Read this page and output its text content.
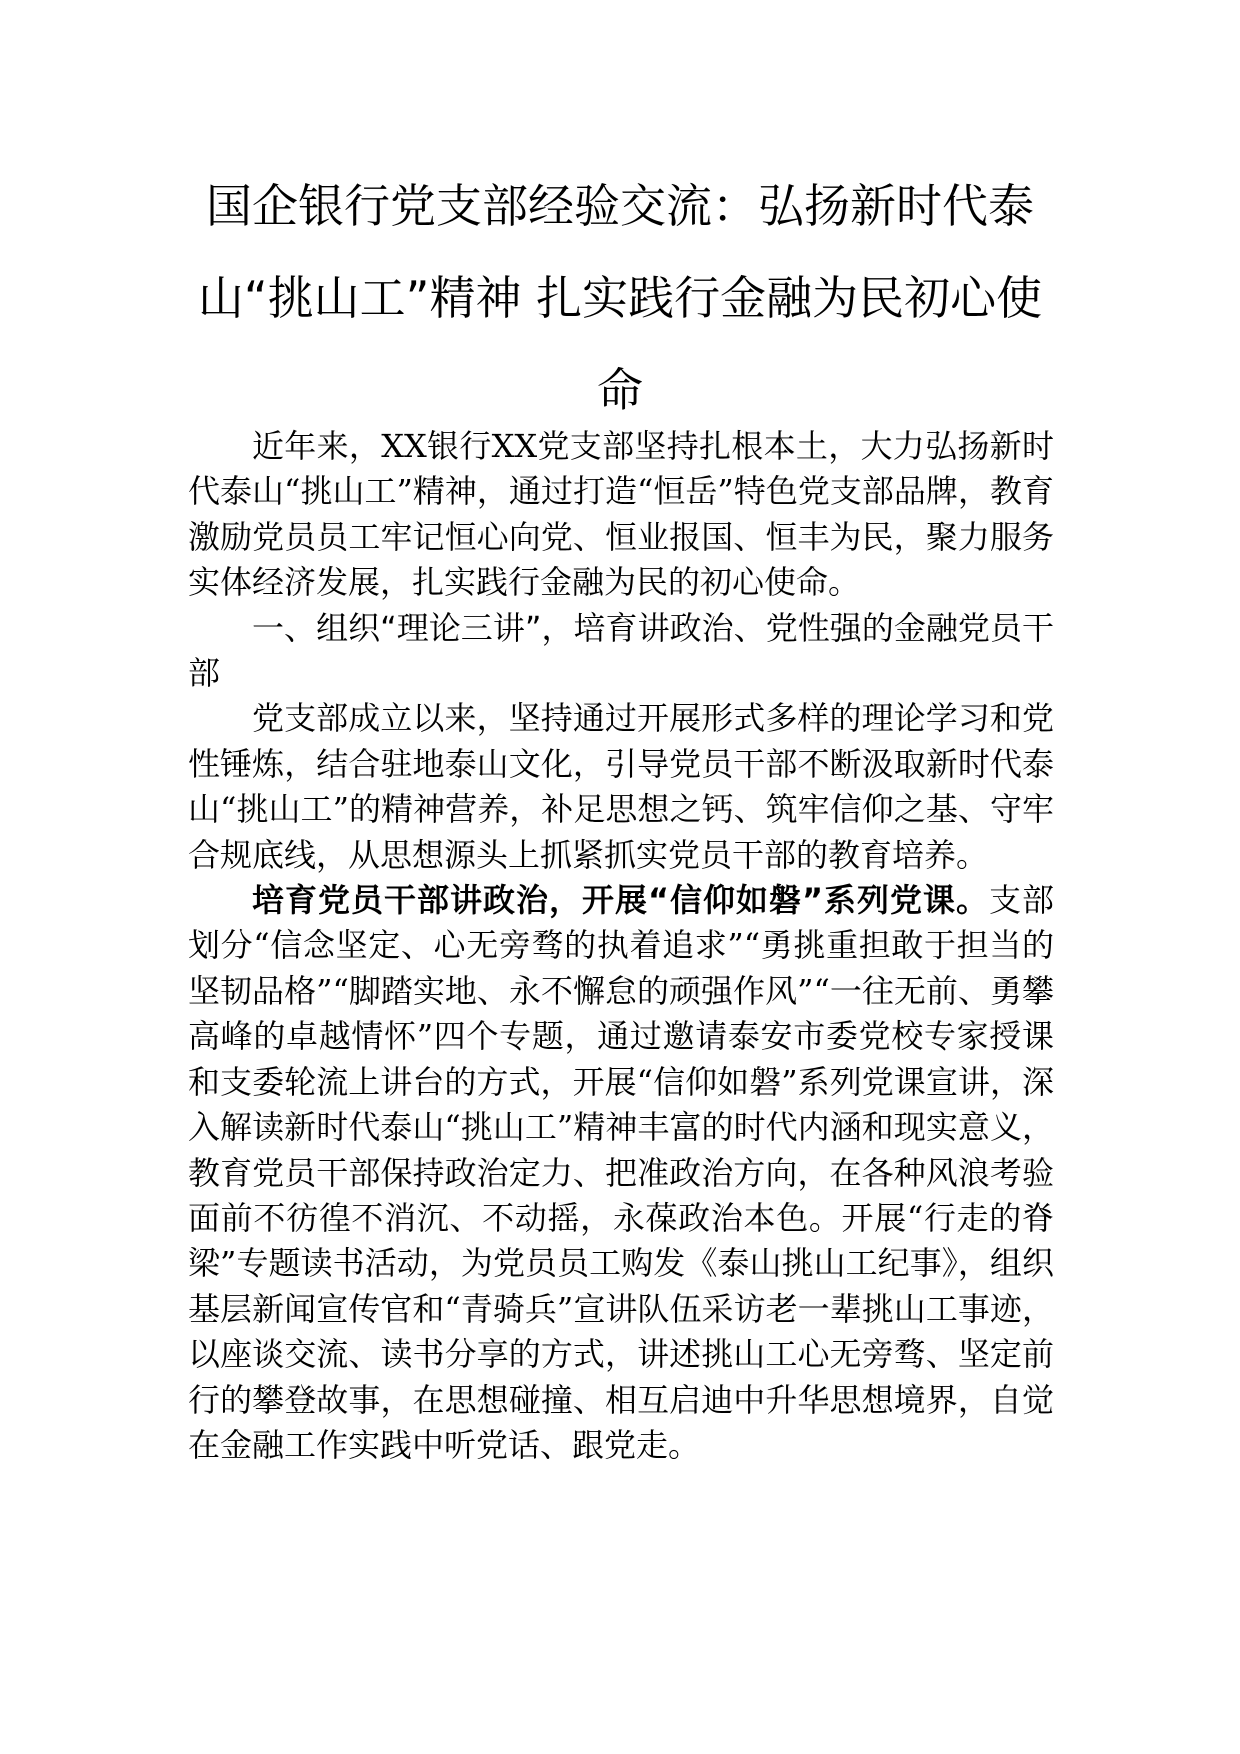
国企银行党支部经验交流：弘扬新时代泰山“挑山工”精神 扎实践行金融为民初心使命

近年来，XX银行XX党支部坚持扎根本土，大力弘扬新时代泰山“挑山工”精神，通过打造“恒岳”特色党支部品牌，教育激励党员员工牢记恒心向党、恒业报国、恒丰为民，聚力服务实体经济发展，扎实践行金融为民的初心使命。

一、组织“理论三讲”，培育讲政治、党性强的金融党员干部

党支部成立以来，坚持通过开展形式多样的理论学习和党性锤炼，结合驻地泰山文化，引导党员干部不断汲取新时代泰山“挑山工”的精神营养，补足思想之钙、筑牢信仰之基、守牢合规底线，从思想源头上抓紧抓实党员干部的教育培养。

培育党员干部讲政治，开展“信仰如磐”系列党课。支部划分“信念坚定、心无旁骛的执着追求”“勇挑重担敢于担当的坚韧品格”“脚踏实地、永不懈怠的顽强作风”“一往无前、勇攀高峰的卓越情怀”四个专题，通过邀请泰安市委党校专家授课和支委轮流上讲台的方式，开展“信仰如磐”系列党课宣讲，深入解读新时代泰山“挑山工”精神丰富的时代内涵和现实意义，教育党员干部保持政治定力、把准政治方向，在各种风浪考验面前不彷徨不消沉、不动摇，永葆政治本色。开展“行走的脊梁”专题读书活动，为党员员工购发《泰山挑山工纪事》，组织基层新闻宣传官和“青骑兵”宣讲队伍采访老一辈挑山工事迹，以座谈交流、读书分享的方式，讲述挑山工心无旁骛、坚定前行的攀登故事，在思想碰撞、相互启迪中升华思想境界，自觉在金融工作实践中听党话、跟党走。
